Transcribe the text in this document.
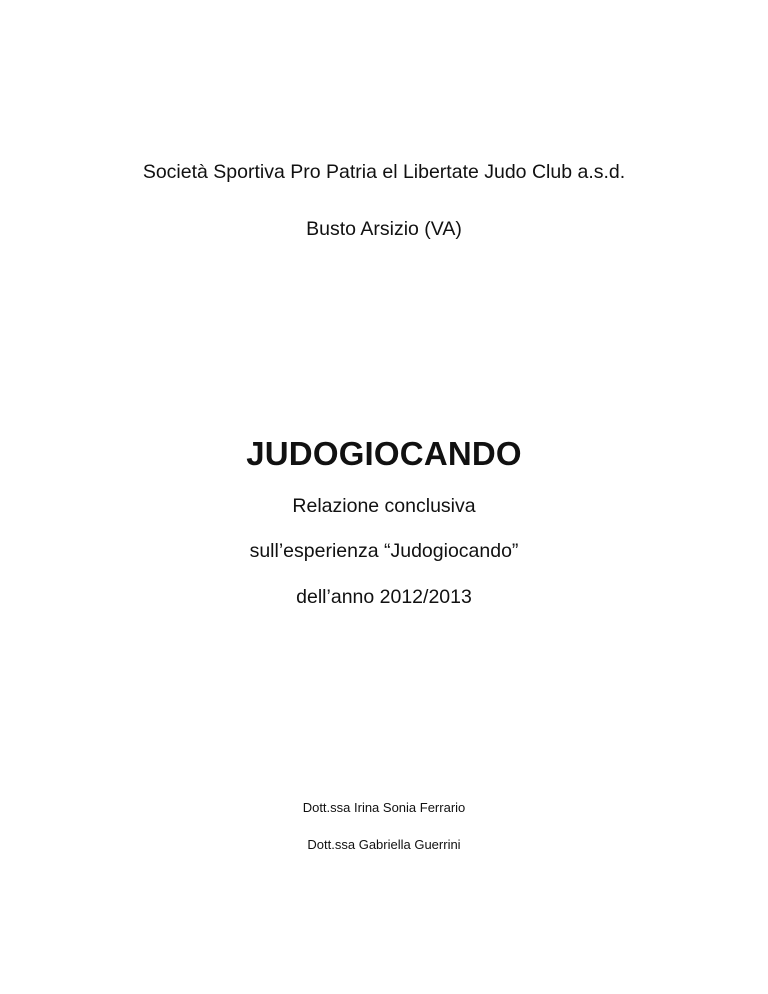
Società Sportiva Pro Patria el Libertate Judo Club a.s.d.
Busto Arsizio (VA)
JUDOGIOCANDO
Relazione conclusiva
sull’esperienza “Judogiocando”
dell’anno 2012/2013
Dott.ssa Irina Sonia Ferrario
Dott.ssa Gabriella Guerrini
